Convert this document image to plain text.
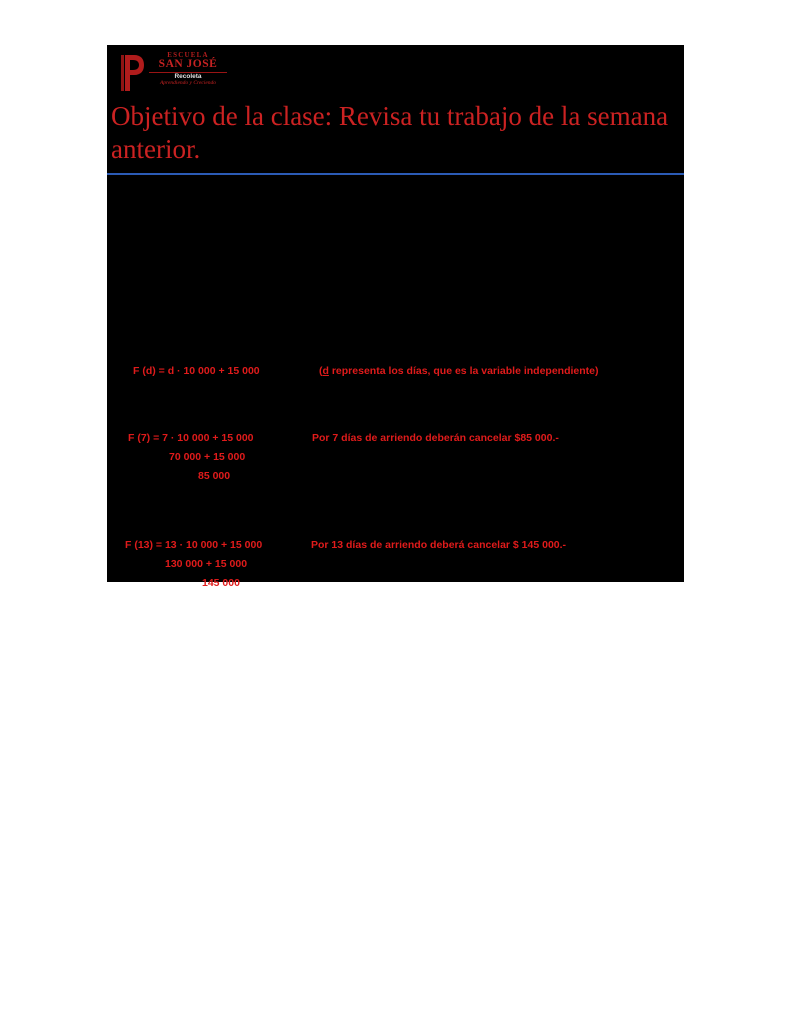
ESCUELA
SAN JOSÉ
Recoleta
Aprendiendo y Creciendo
Objetivo de la clase: Revisa tu trabajo de la semana anterior.
F (d) = d · 10 000 + 15 000	(d representa los días, que es la variable independiente)
F (7) = 7 · 10 000 + 15 000
70 000 + 15 000
85 000
Por 7 días de arriendo deberán cancelar $85 000.-
F (13) = 13 · 10 000 + 15 000
130 000 + 15 000
145 000
Por 13 días de arriendo deberá cancelar $ 145 000.-
